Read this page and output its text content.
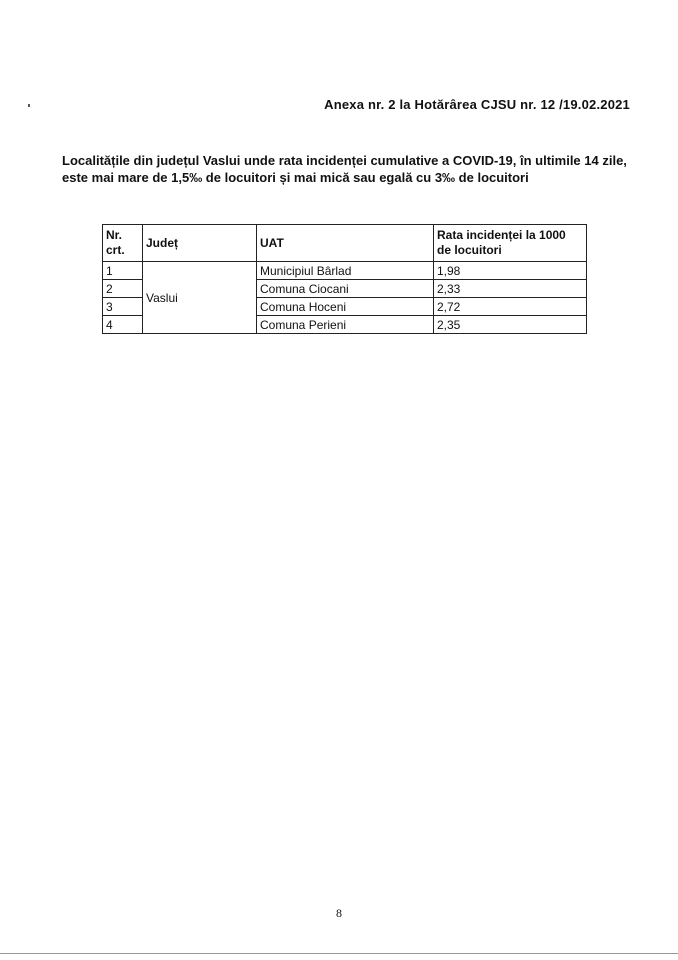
Anexa nr. 2 la Hotărârea CJSU nr. 12 /19.02.2021
Localitățile din județul Vaslui unde rata incidenței cumulative a COVID-19, în ultimile 14 zile, este mai mare de 1,5‰ de locuitori și mai mică sau egală cu 3‰ de locuitori
Nr. crt.	Județ	UAT	Rata incidenței la 1000 de locuitori
1	Vaslui	Municipiul Bârlad	1,98
2		Comuna Ciocani	2,33
3		Comuna Hoceni	2,72
4		Comuna Perieni	2,35
8
